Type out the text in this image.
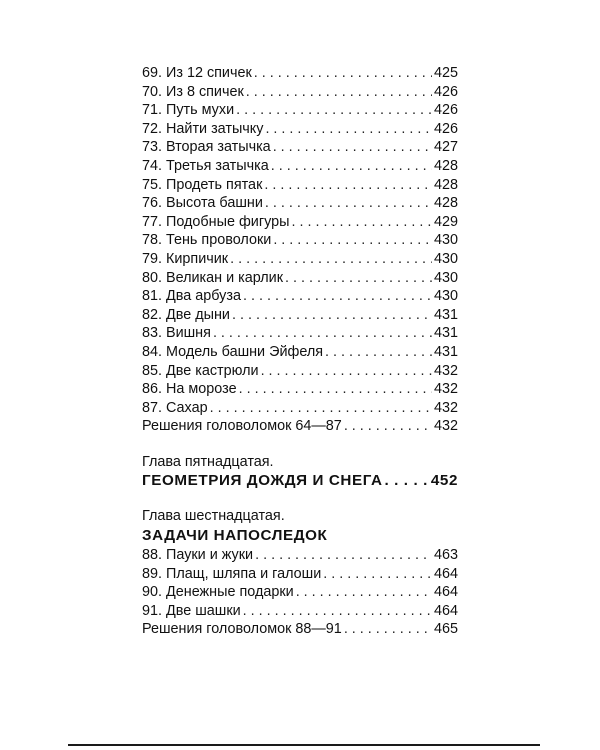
69. Из 12 спичек . . .	425
70. Из 8 спичек . . .	426
71. Путь мухи . . .	426
72. Найти затычку . . .	426
73. Вторая затычка . . .	427
74. Третья затычка . . .	428
75. Продеть пятак . . .	428
76. Высота башни . . .	428
77. Подобные фигуры . . .	429
78. Тень проволоки . . .	430
79. Кирпичик . . .	430
80. Великан и карлик . . .	430
81. Два арбуза . . .	430
82. Две дыни . . .	431
83. Вишня . . .	431
84. Модель башни Эйфеля . . .	431
85. Две кастрюли . . .	432
86. На морозе . . .	432
87. Сахар . . .	432
Решения головоломок 64—87 . . .	432
Глава пятнадцатая.
ГЕОМЕТРИЯ ДОЖДЯ И СНЕГА . . .	452
Глава шестнадцатая.
ЗАДАЧИ НАПОСЛЕДОК
88. Пауки и жуки . . .	463
89. Плащ, шляпа и галоши . . .	464
90. Денежные подарки . . .	464
91. Две шашки . . .	464
Решения головоломок 88—91 . . .	465
